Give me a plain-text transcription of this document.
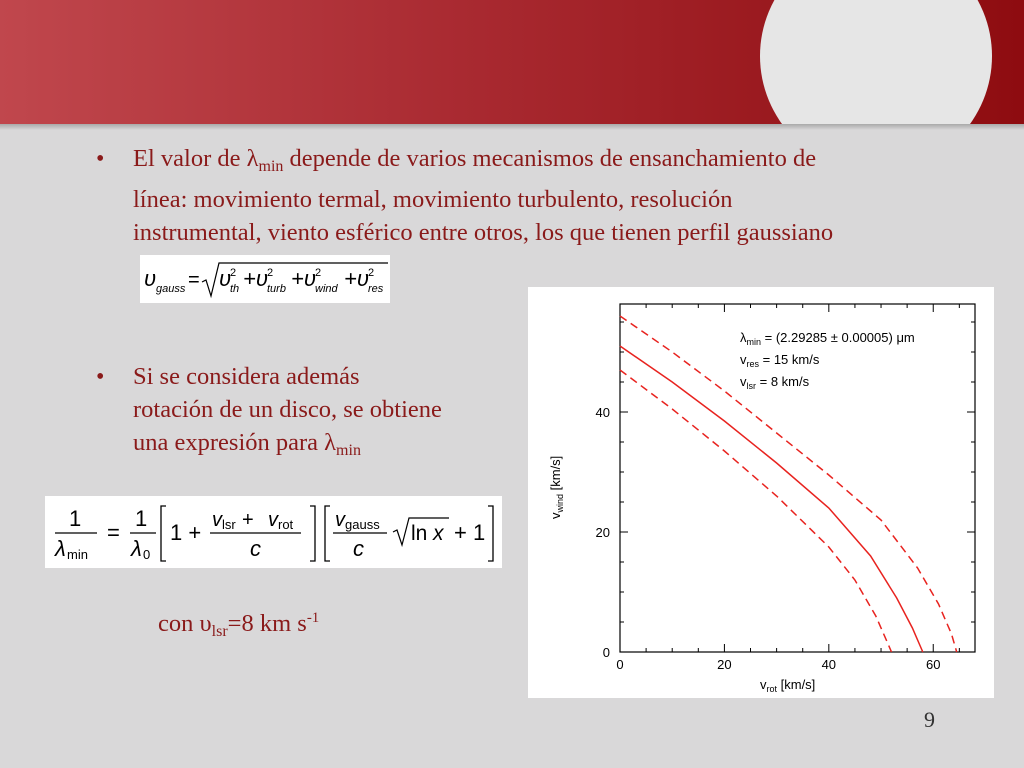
• El valor de $\lambda_{min}$ depende de varios mecanismos de ensanchamiento de
línea: movimiento termal, movimiento turbulento, resolución
instrumental, viento esférico entre otros, los que tienen perfil gaussiano
υ gauss = υ
2
th +υ 2
turb +υ 2
wind +υ 2
res
• Si se considera además
rotación de un disco, se obtiene
una expresión para $\lambda_{min}$
1
λ min
=
1
λ 0
1 + v lsr + v rot
c
v gauss
c
ln x + 1
con $\upsilon_{lsr}=8$ km $s^{-1}$
0	20	40	60
0
20
40
$\lambda_{min} = (2.29285 \pm 0.00005)$ μm
$v_{res} = 15$ km/s
$v_{lsr} = 8$ km/s
$v_{rot}$ [km/s]
$v_{wind}$ [km/s]
9
